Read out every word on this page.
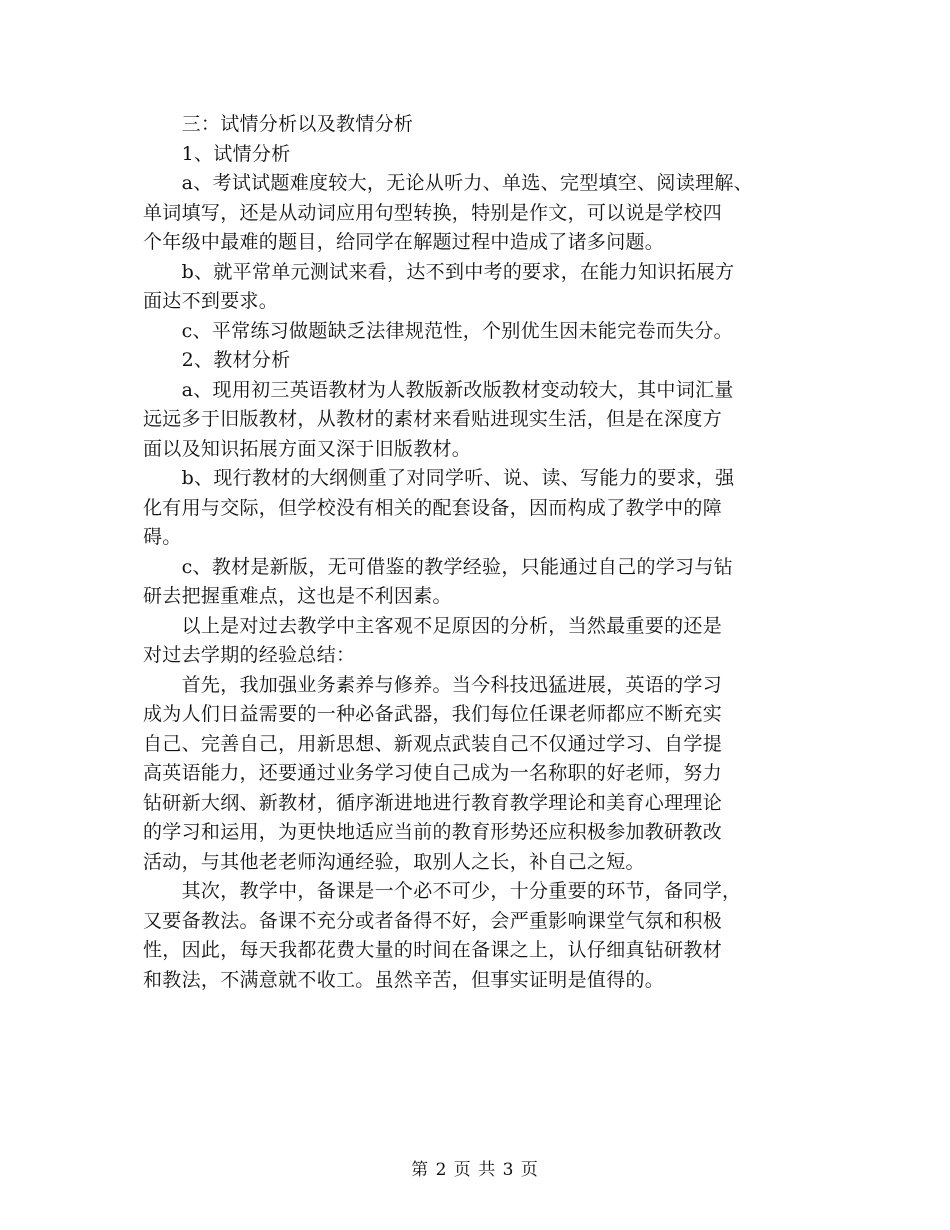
　　三：试情分析以及教情分析
　　1、试情分析
　　a、考试试题难度较大，无论从听力、单选、完型填空、阅读理解、
单词填写，还是从动词应用句型转换，特别是作文，可以说是学校四
个年级中最难的题目，给同学在解题过程中造成了诸多问题。
　　b、就平常单元测试来看，达不到中考的要求，在能力知识拓展方
面达不到要求。
　　c、平常练习做题缺乏法律规范性，个别优生因未能完卷而失分。
　　2、教材分析
　　a、现用初三英语教材为人教版新改版教材变动较大，其中词汇量
远远多于旧版教材，从教材的素材来看贴进现实生活，但是在深度方
面以及知识拓展方面又深于旧版教材。
　　b、现行教材的大纲侧重了对同学听、说、读、写能力的要求，强
化有用与交际，但学校没有相关的配套设备，因而构成了教学中的障
碍。
　　c、教材是新版，无可借鉴的教学经验，只能通过自己的学习与钻
研去把握重难点，这也是不利因素。
　　以上是对过去教学中主客观不足原因的分析，当然最重要的还是
对过去学期的经验总结：
　　首先，我加强业务素养与修养。当今科技迅猛进展，英语的学习
成为人们日益需要的一种必备武器，我们每位任课老师都应不断充实
自己、完善自己，用新思想、新观点武装自己不仅通过学习、自学提
高英语能力，还要通过业务学习使自己成为一名称职的好老师，努力
钻研新大纲、新教材，循序渐进地进行教育教学理论和美育心理理论
的学习和运用，为更快地适应当前的教育形势还应积极参加教研教改
活动，与其他老老师沟通经验，取别人之长，补自己之短。
　　其次，教学中，备课是一个必不可少，十分重要的环节，备同学，
又要备教法。备课不充分或者备得不好，会严重影响课堂气氛和积极
性，因此，每天我都花费大量的时间在备课之上，认仔细真钻研教材
和教法，不满意就不收工。虽然辛苦，但事实证明是值得的。
第 2 页 共 3 页
